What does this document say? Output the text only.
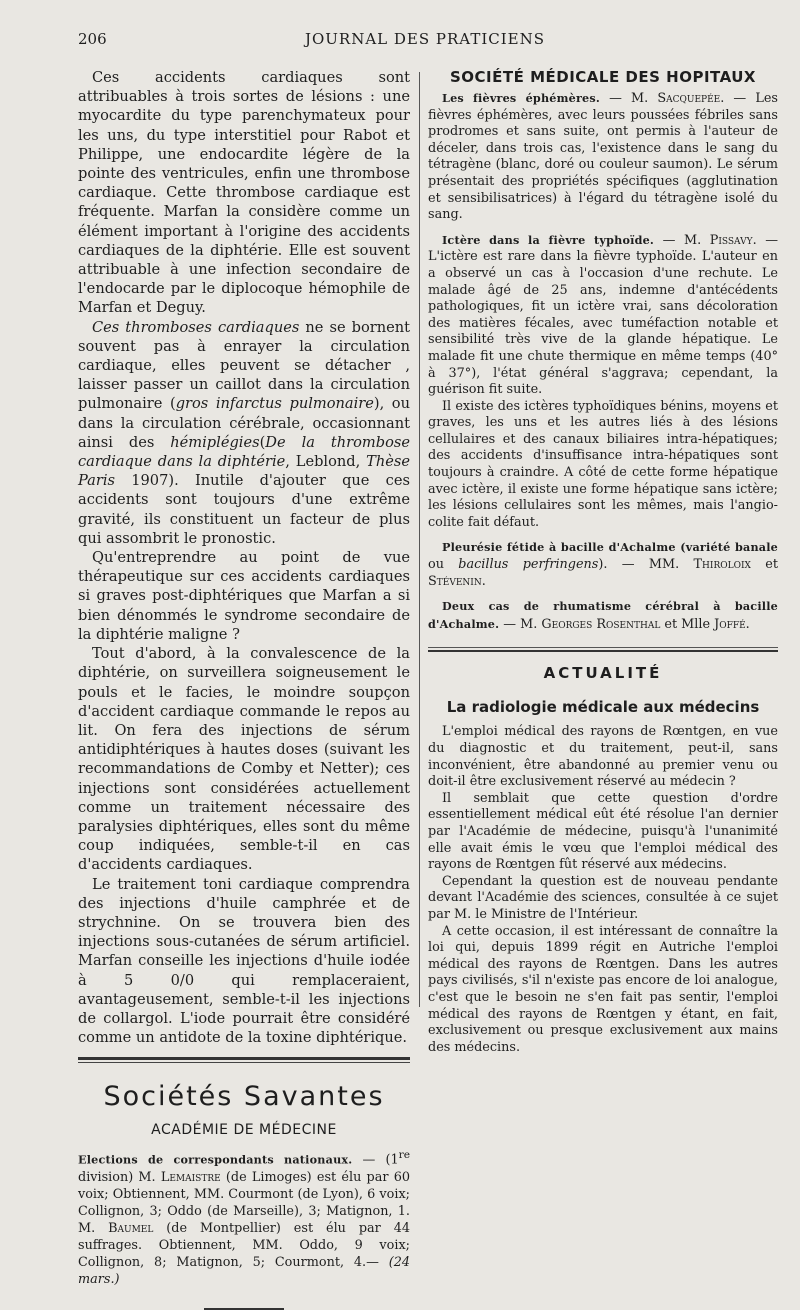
206	JOURNAL DES PRATICIENS

Ces accidents cardiaques sont attribuables à trois sortes de lésions : une myocardite du type parenchymateux pour les uns, du type interstitiel pour Rabot et Philippe, une endocardite légère de la pointe des ventricules, enfin une thrombose cardiaque. Cette thrombose cardiaque est fréquente. Marfan la considère comme un élément important à l'origine des accidents cardiaques de la diphtérie. Elle est souvent attribuable à une infection secondaire de l'endocarde par le diplocoque hémophile de Marfan et Deguy.

Ces thromboses cardiaques ne se bornent souvent pas à enrayer la circulation cardiaque, elles peuvent se détacher , laisser passer un caillot dans la circulation pulmonaire (gros infarctus pulmonaire), ou dans la circulation cérébrale, occasionnant ainsi des hémiplégies(De la thrombose cardiaque dans la diphtérie, Leblond, Thèse Paris 1907). Inutile d'ajouter que ces accidents sont toujours d'une extrême gravité, ils constituent un facteur de plus qui assombrit le pronostic.

Qu'entreprendre au point de vue thérapeutique sur ces accidents cardiaques si graves post-diphtériques que Marfan a si bien dénommés le syndrome secondaire de la diphtérie maligne ?

Tout d'abord, à la convalescence de la diphtérie, on surveillera soigneusement le pouls et le facies, le moindre soupçon d'accident cardiaque commande le repos au lit. On fera des injections de sérum antidiphtériques à hautes doses (suivant les recommandations de Comby et Netter); ces injections sont considérées actuellement comme un traitement nécessaire des paralysies diphtériques, elles sont du même coup indiquées, semble-t-il en cas d'accidents cardiaques.

Le traitement toni cardiaque comprendra des injections d'huile camphrée et de strychnine. On se trouvera bien des injections sous-cutanées de sérum artificiel. Marfan conseille les injections d'huile iodée à 5 0/0 qui remplaceraient, avantageusement, semble-t-il les injections de collargol. L'iode pourrait être considéré comme un antidote de la toxine diphtérique.

Sociétés Savantes
ACADÉMIE DE MÉDECINE

Elections de correspondants nationaux. — (1re division) M. Lemaistre (de Limoges) est élu par 60 voix; Obtiennent, MM. Courmont (de Lyon), 6 voix; Collignon, 3; Oddo (de Marseille), 3; Matignon, 1. M. Baumel (de Montpellier) est élu par 44 suffrages. Obtiennent, MM. Oddo, 9 voix; Collignon, 8; Matignon, 5; Courmont, 4.— (24 mars.)

SOCIÉTÉ MÉDICALE DES HOPITAUX

Les fièvres éphémères. — M. Sacquepée. — Les fièvres éphémères, avec leurs poussées fébriles sans prodromes et sans suite, ont permis à l'auteur de déceler, dans trois cas, l'existence dans le sang du tétragène (blanc, doré ou couleur saumon). Le sérum présentait des propriétés spécifiques (agglutination et sensibilisatrices) à l'égard du tétragène isolé du sang.

Ictère dans la fièvre typhoïde. — M. Pissavy. — L'ictère est rare dans la fièvre typhoïde. L'auteur en a observé un cas à l'occasion d'une rechute. Le malade âgé de 25 ans, indemne d'antécédents pathologiques, fit un ictère vrai, sans décoloration des matières fécales, avec tuméfaction notable et sensibilité très vive de la glande hépatique. Le malade fit une chute thermique en même temps (40° à 37°), l'état général s'aggrava; cependant, la guérison fit suite.

Il existe des ictères typhoïdiques bénins, moyens et graves, les uns et les autres liés à des lésions cellulaires et des canaux biliaires intra-hépatiques; des accidents d'insuffisance intra-hépatiques sont toujours à craindre. A côté de cette forme hépatique avec ictère, il existe une forme hépatique sans ictère; les lésions cellulaires sont les mêmes, mais l'angio-colite fait défaut.

Pleurésie fétide à bacille d'Achalme (variété banale ou bacillus perfringens). — MM. Thiroloix et Stévenin.

Deux cas de rhumatisme cérébral à bacille d'Achalme. — M. Georges Rosenthal et Mlle Joffé.

ACTUALITÉ
La radiologie médicale aux médecins

L'emploi médical des rayons de Rœntgen, en vue du diagnostic et du traitement, peut-il, sans inconvénient, être abandonné au premier venu ou doit-il être exclusivement réservé au médecin ?

Il semblait que cette question d'ordre essentiellement médical eût été résolue l'an dernier par l'Académie de médecine, puisqu'à l'unanimité elle avait émis le vœu que l'emploi médical des rayons de Rœntgen fût réservé aux médecins.

Cependant la question est de nouveau pendante devant l'Académie des sciences, consultée à ce sujet par M. le Ministre de l'Intérieur.

A cette occasion, il est intéressant de connaître la loi qui, depuis 1899 régit en Autriche l'emploi médical des rayons de Rœntgen. Dans les autres pays civilisés, s'il n'existe pas encore de loi analogue, c'est que le besoin ne s'en fait pas sentir, l'emploi médical des rayons de Rœntgen y étant, en fait, exclusivement ou presque exclusivement aux mains des médecins.
